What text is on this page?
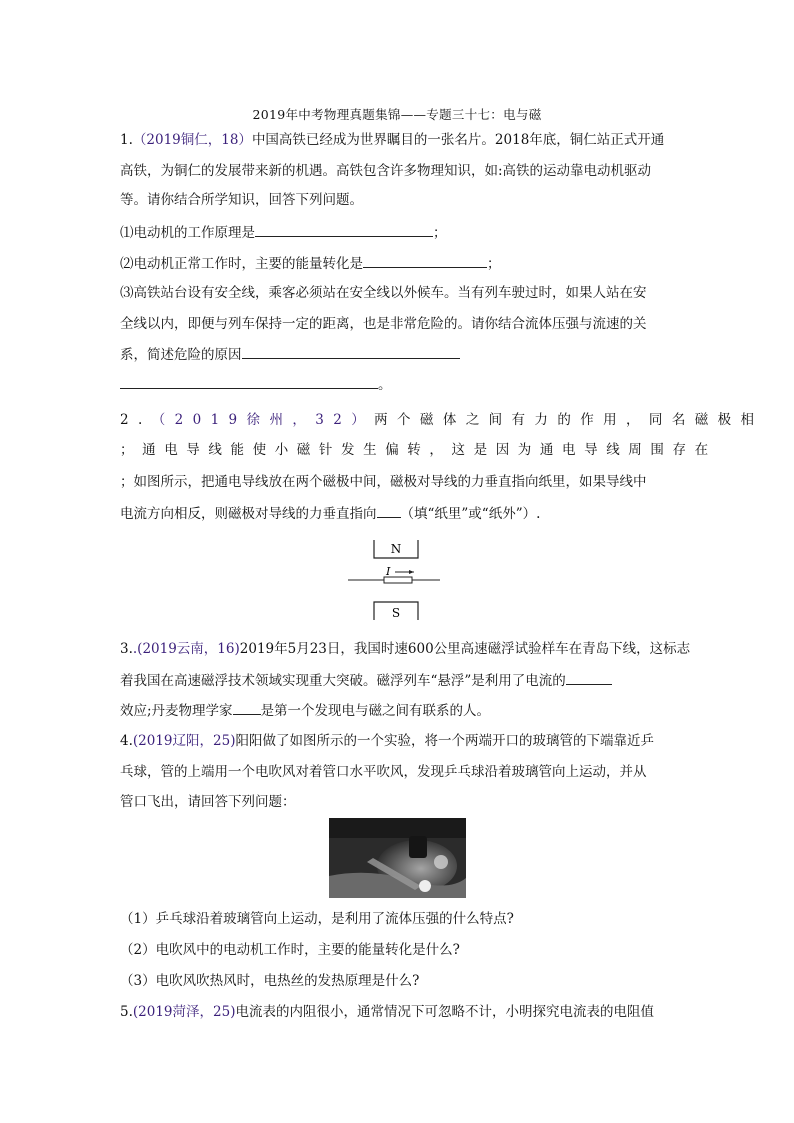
2019年中考物理真题集锦——专题三十七：电与磁
1.（2019铜仁，18）中国高铁已经成为世界瞩目的一张名片。2018年底，铜仁站正式开通
高铁，为铜仁的发展带来新的机遇。高铁包含许多物理知识，如:高铁的运动靠电动机驱动
等。请你结合所学知识，回答下列问题。
⑴电动机的工作原理是	；
⑵电动机正常工作时，主要的能量转化是	；
⑶高铁站台设有安全线，乘客必须站在安全线以外候车。当有列车驶过时，如果人站在安
全线以内，即便与列车保持一定的距离，也是非常危险的。请你结合流体压强与流速的关
系，简述危险的原因
。
2.（2019徐州，32）两个磁体之间有力的作用，同名磁极相
；通电导线能使小磁针发生偏转，这是因为通电导线周围存在
；如图所示，把通电导线放在两个磁极中间，磁极对导线的力垂直指向纸里，如果导线中
电流方向相反，则磁极对导线的力垂直指向 （填“纸里”或“纸外”）.
N
I
S
3..(2019云南，16)2019年5月23日，我国时速600公里高速磁浮试验样车在青岛下线，这标志
着我国在高速磁浮技术领域实现重大突破。磁浮列车“悬浮”是利用了电流的
效应;丹麦物理学家 是第一个发现电与磁之间有联系的人。
4.(2019辽阳，25)阳阳做了如图所示的一个实验，将一个两端开口的玻璃管的下端靠近乒
乓球，管的上端用一个电吹风对着管口水平吹风，发现乒乓球沿着玻璃管向上运动，并从
管口飞出，请回答下列问题：
（1）乒乓球沿着玻璃管向上运动，是利用了流体压强的什么特点?
（2）电吹风中的电动机工作时，主要的能量转化是什么?
（3）电吹风吹热风时，电热丝的发热原理是什么?
5.(2019菏泽，25)电流表的内阻很小，通常情况下可忽略不计，小明探究电流表的电阻值
